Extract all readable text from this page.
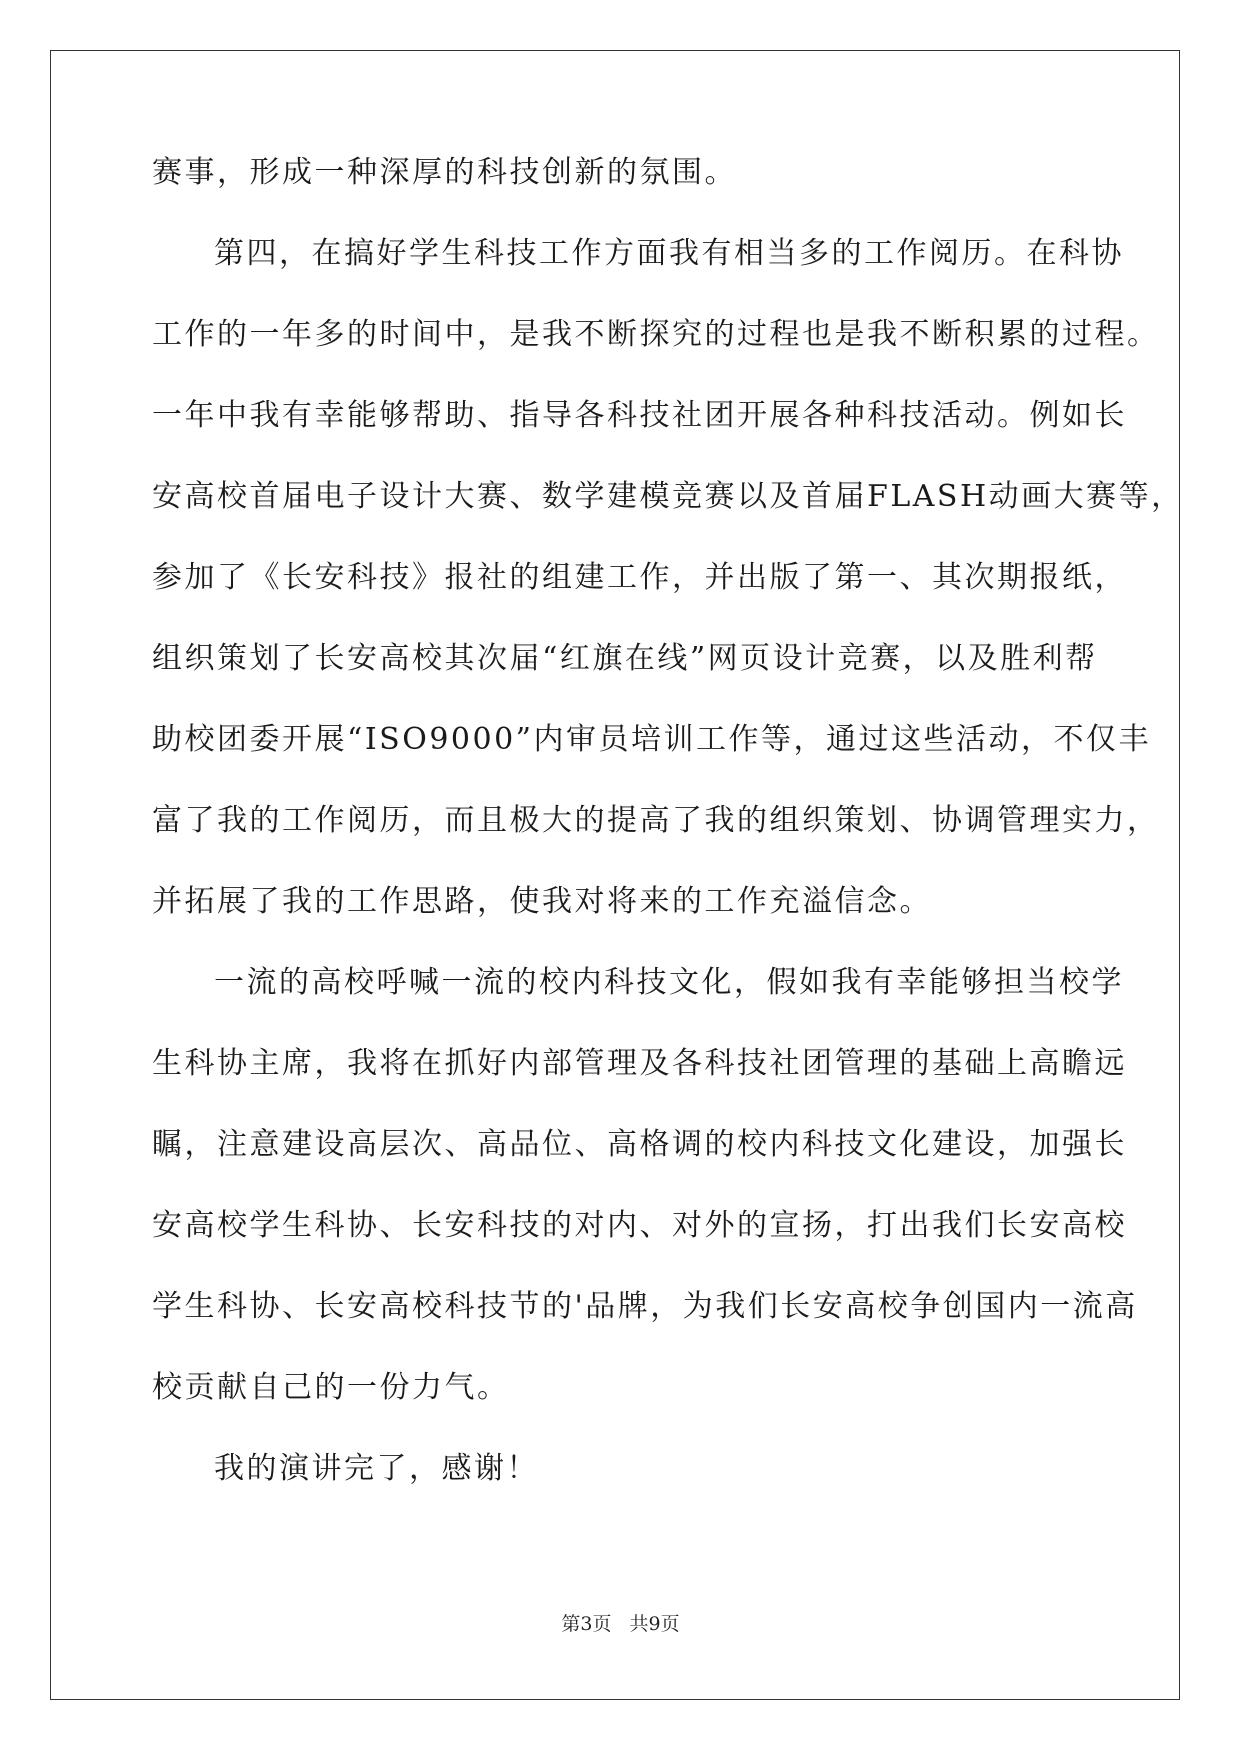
赛事，形成一种深厚的科技创新的氛围。

第四，在搞好学生科技工作方面我有相当多的工作阅历。在科协

工作的一年多的时间中，是我不断探究的过程也是我不断积累的过程。

一年中我有幸能够帮助、指导各科技社团开展各种科技活动。例如长

安高校首届电子设计大赛、数学建模竞赛以及首届FLASH动画大赛等，

参加了《长安科技》报社的组建工作，并出版了第一、其次期报纸，

组织策划了长安高校其次届“红旗在线”网页设计竞赛，以及胜利帮

助校团委开展“ISO9000”内审员培训工作等，通过这些活动，不仅丰

富了我的工作阅历，而且极大的提高了我的组织策划、协调管理实力，

并拓展了我的工作思路，使我对将来的工作充溢信念。

一流的高校呼喊一流的校内科技文化，假如我有幸能够担当校学

生科协主席，我将在抓好内部管理及各科技社团管理的基础上高瞻远

瞩，注意建设高层次、高品位、高格调的校内科技文化建设，加强长

安高校学生科协、长安科技的对内、对外的宣扬，打出我们长安高校

学生科协、长安高校科技节的'品牌，为我们长安高校争创国内一流高

校贡献自己的一份力气。

我的演讲完了，感谢！

第3页 共9页
